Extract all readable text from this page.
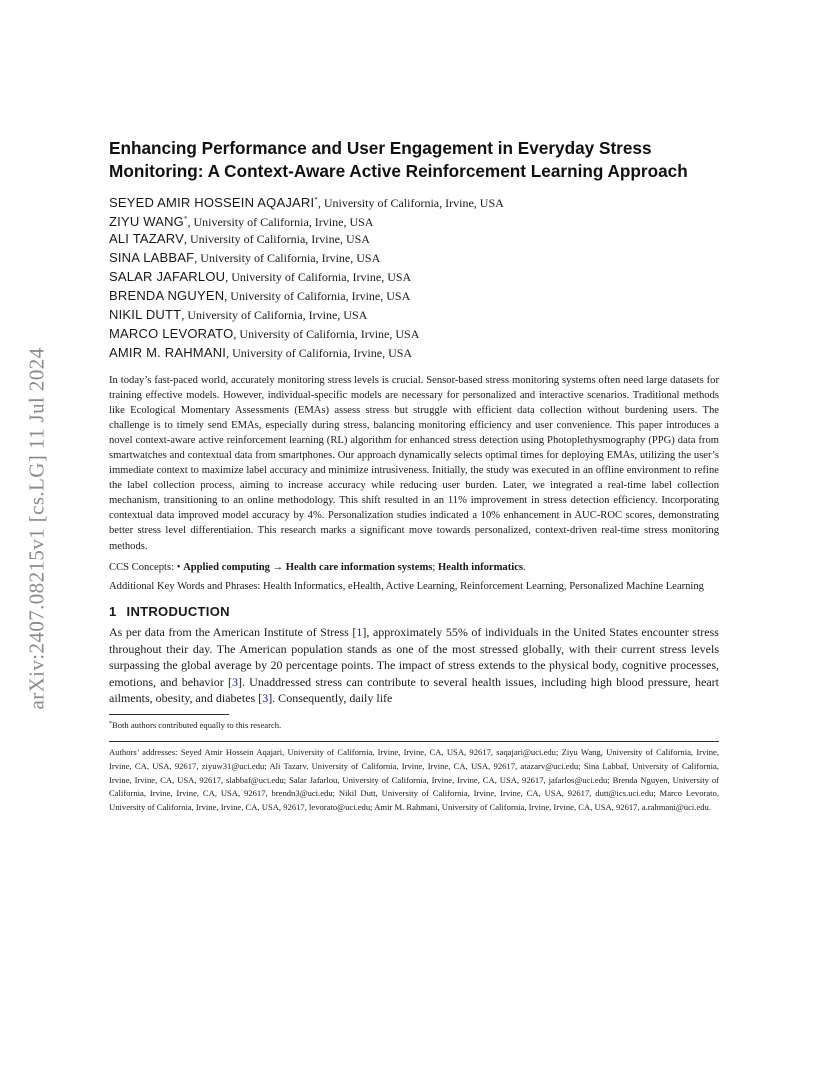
arXiv:2407.08215v1 [cs.LG] 11 Jul 2024
Enhancing Performance and User Engagement in Everyday Stress Monitoring: A Context-Aware Active Reinforcement Learning Approach
SEYED AMIR HOSSEIN AQAJARI*, University of California, Irvine, USA
ZIYU WANG*, University of California, Irvine, USA
ALI TAZARV, University of California, Irvine, USA
SINA LABBAF, University of California, Irvine, USA
SALAR JAFARLOU, University of California, Irvine, USA
BRENDA NGUYEN, University of California, Irvine, USA
NIKIL DUTT, University of California, Irvine, USA
MARCO LEVORATO, University of California, Irvine, USA
AMIR M. RAHMANI, University of California, Irvine, USA

In today’s fast-paced world, accurately monitoring stress levels is crucial. Sensor-based stress monitoring systems often need large datasets for training effective models. However, individual-specific models are necessary for personalized and interactive scenarios. Traditional methods like Ecological Momentary Assessments (EMAs) assess stress but struggle with efficient data collection without burdening users. The challenge is to timely send EMAs, especially during stress, balancing monitoring efficiency and user convenience. This paper introduces a novel context-aware active reinforcement learning (RL) algorithm for enhanced stress detection using Photoplethysmography (PPG) data from smartwatches and contextual data from smartphones. Our approach dynamically selects optimal times for deploying EMAs, utilizing the user’s immediate context to maximize label accuracy and minimize intrusiveness. Initially, the study was executed in an offline environment to refine the label collection process, aiming to increase accuracy while reducing user burden. Later, we integrated a real-time label collection mechanism, transitioning to an online methodology. This shift resulted in an 11% improvement in stress detection efficiency. Incorporating contextual data improved model accuracy by 4%. Personalization studies indicated a 10% enhancement in AUC-ROC scores, demonstrating better stress level differentiation. This research marks a significant move towards personalized, context-driven real-time stress monitoring methods.

CCS Concepts: • Applied computing → Health care information systems; Health informatics.

Additional Key Words and Phrases: Health Informatics, eHealth, Active Learning, Reinforcement Learning, Personalized Machine Learning

1 INTRODUCTION

As per data from the American Institute of Stress [1], approximately 55% of individuals in the United States encounter stress throughout their day. The American population stands as one of the most stressed globally, with their current stress levels surpassing the global average by 20 percentage points. The impact of stress extends to the physical body, cognitive processes, emotions, and behavior [3]. Unaddressed stress can contribute to several health issues, including high blood pressure, heart ailments, obesity, and diabetes [3]. Consequently, daily life

*Both authors contributed equally to this research.

Authors’ addresses: Seyed Amir Hossein Aqajari, University of California, Irvine, Irvine, CA, USA, 92617, saqajari@uci.edu; Ziyu Wang, University of California, Irvine, Irvine, CA, USA, 92617, ziyuw31@uci.edu; Ali Tazarv, University of California, Irvine, Irvine, CA, USA, 92617, atazarv@uci.edu; Sina Labbaf, University of California, Irvine, Irvine, CA, USA, 92617, slabbaf@uci.edu; Salar Jafarlou, University of California, Irvine, Irvine, CA, USA, 92617, jafarlos@uci.edu; Brenda Nguyen, University of California, Irvine, Irvine, CA, USA, 92617, brendn3@uci.edu; Nikil Dutt, University of California, Irvine, Irvine, CA, USA, 92617, dutt@ics.uci.edu; Marco Levorato, University of California, Irvine, Irvine, CA, USA, 92617, levorato@uci.edu; Amir M. Rahmani, University of California, Irvine, Irvine, CA, USA, 92617, a.rahmani@uci.edu.
